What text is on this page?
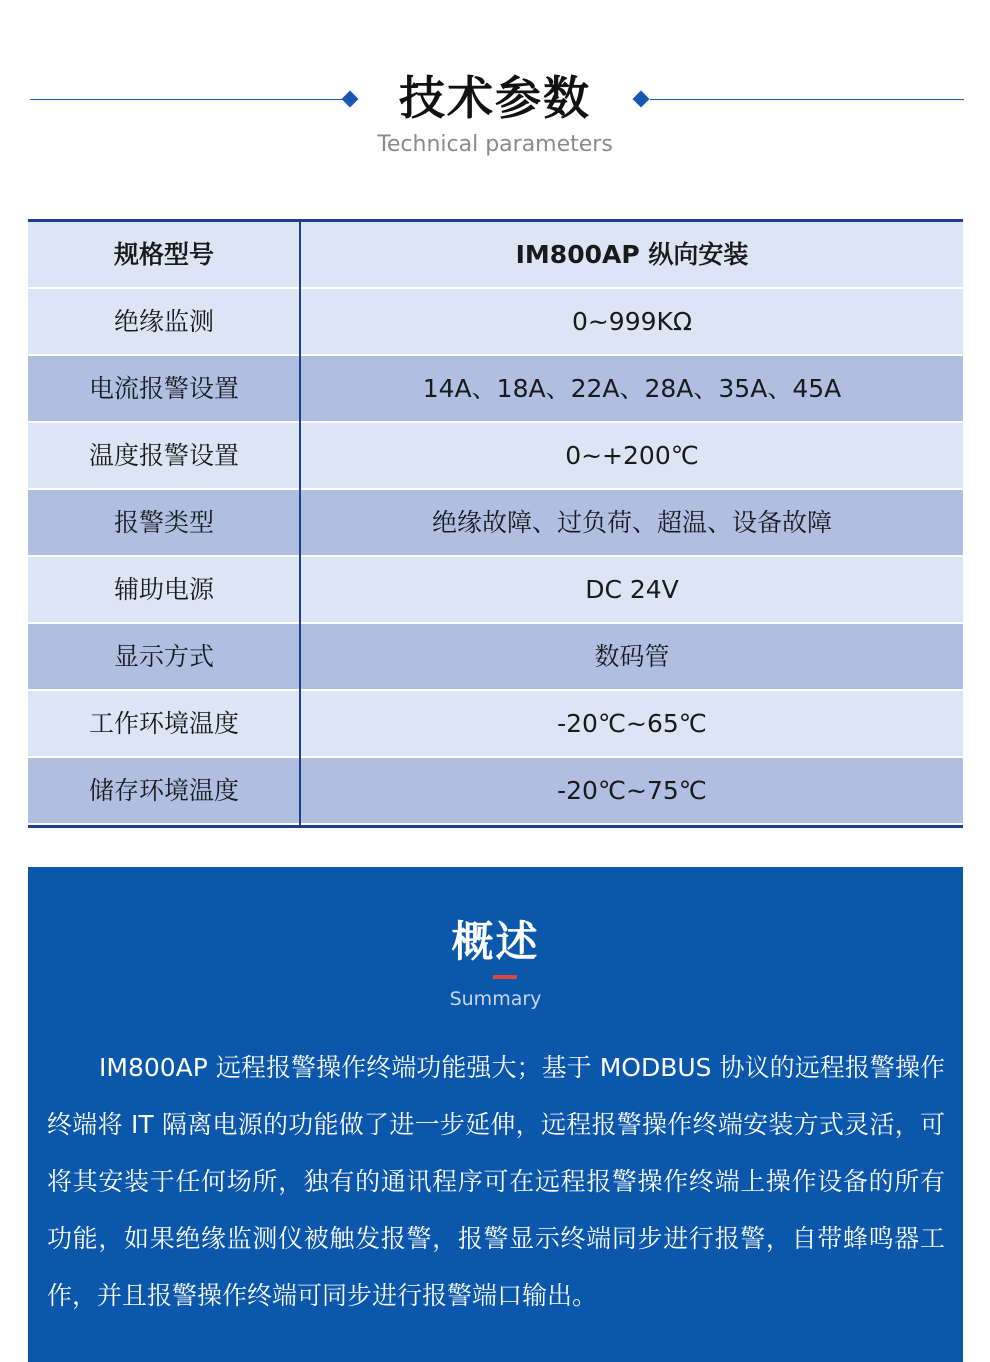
技术参数
Technical parameters
规格型号	IM800AP 纵向安装
绝缘监测	0~999KΩ
电流报警设置	14A、18A、22A、28A、35A、45A
温度报警设置	0~+200℃
报警类型	绝缘故障、过负荷、超温、设备故障
辅助电源	DC 24V
显示方式	数码管
工作环境温度	-20℃~65℃
储存环境温度	-20℃~75℃
概述
Summary
IM800AP 远程报警操作终端功能强大；基于 MODBUS 协议的远程报警操作终端将 IT 隔离电源的功能做了进一步延伸，远程报警操作终端安装方式灵活，可将其安装于任何场所，独有的通讯程序可在远程报警操作终端上操作设备的所有 功能，如果绝缘监测仪被触发报警，报警显示终端同步进行报警，自带蜂鸣器工作，并且报警操作终端可同步进行报警端口输出。
